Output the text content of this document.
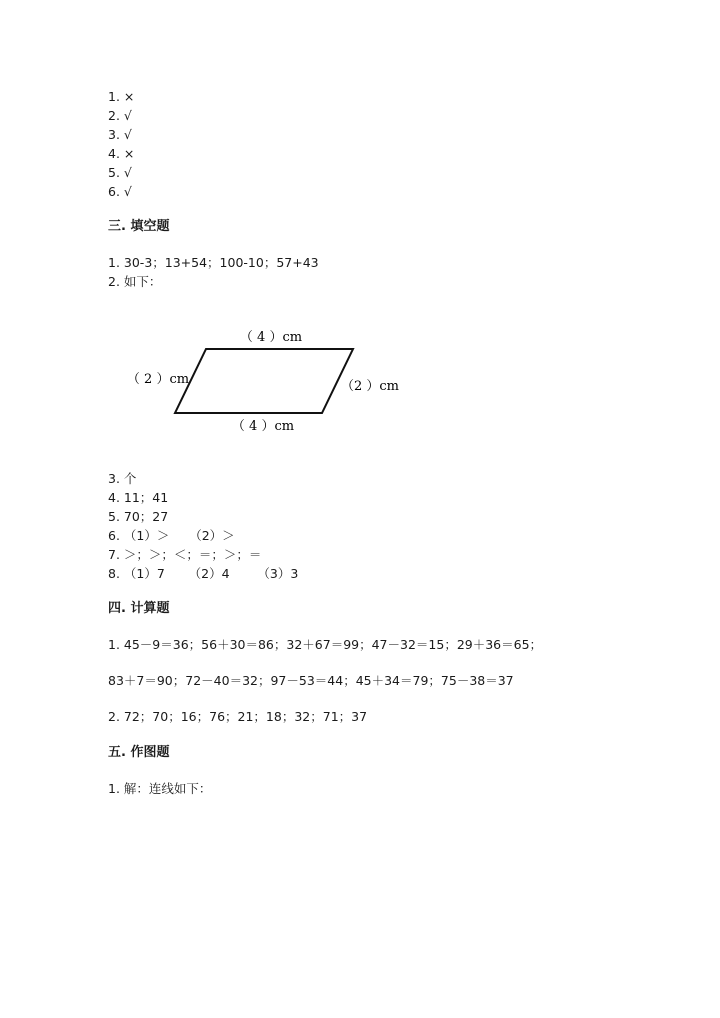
1. ×
2. √
3. √
4. ×
5. √
6. √
三. 填空题
1. 30-3；13+54；100-10；57+43
2. 如下：
（ 4 ）cm
（ 2 ）cm	（2 ）cm
（ 4 ）cm
3. 个
4. 11；41
5. 70；27
6. （1）＞     （2）＞
7. ＞；＞；＜；＝；＞；＝
8. （1）7      （2）4       （3）3
四. 计算题
1. 45－9＝36；56＋30＝86；32＋67＝99；47－32＝15；29＋36＝65；
83＋7＝90；72－40＝32；97－53＝44；45＋34＝79；75－38＝37
2. 72；70；16；76；21；18；32；71；37
五. 作图题
1. 解：连线如下：
